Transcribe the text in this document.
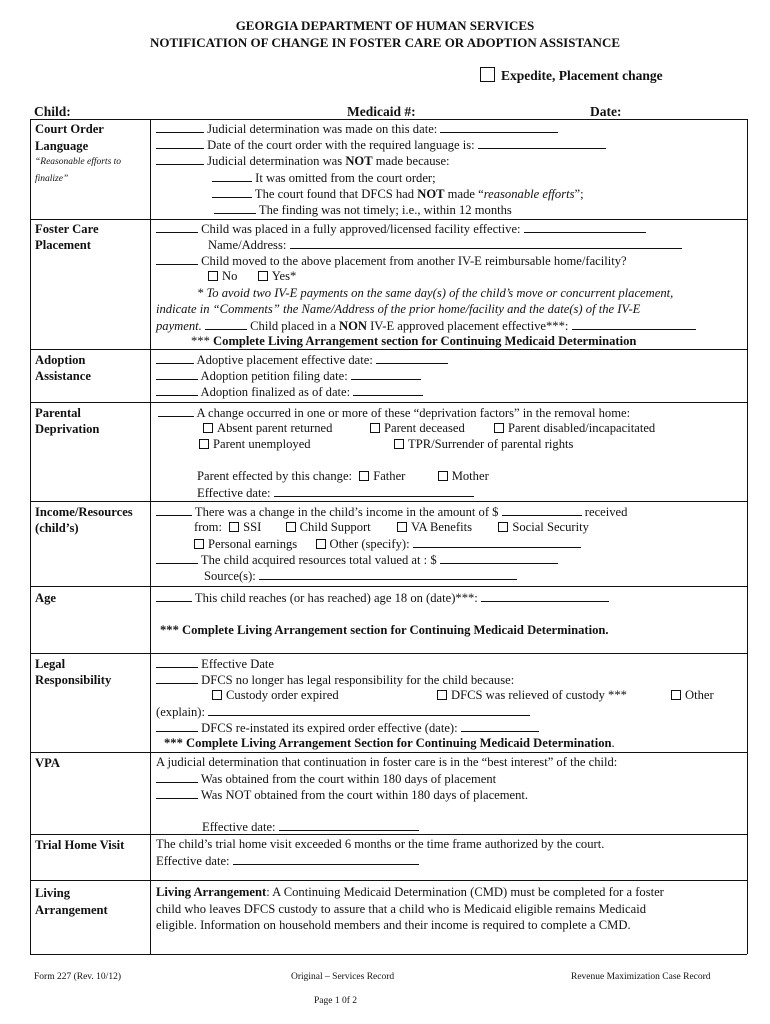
GEORGIA DEPARTMENT OF HUMAN SERVICES
NOTIFICATION OF CHANGE IN FOSTER CARE OR ADOPTION ASSISTANCE
Expedite, Placement change
Child:	Medicaid #:	Date:
Court Order
Language
“Reasonable efforts to
finalize”
Judicial determination was made on this date:
Date of the court order with the required language is:
Judicial determination was NOT made because:
It was omitted from the court order;
The court found that DFCS had NOT made “reasonable efforts”;
The finding was not timely; i.e., within 12 months
Foster Care
Placement
Child was placed in a fully approved/licensed facility effective:
Name/Address:
Child moved to the above placement from another IV-E reimbursable home/facility?
No	Yes*
* To avoid two IV-E payments on the same day(s) of the child’s move or concurrent placement,
indicate in “Comments” the Name/Address of the prior home/facility and the date(s) of the IV-E
payment.	Child placed in a NON IV-E approved placement effective***:
*** Complete Living Arrangement section for Continuing Medicaid Determination
Adoption
Assistance
Adoptive placement effective date:
Adoption petition filing date:
Adoption finalized as of date:
Parental
Deprivation
A change occurred in one or more of these “deprivation factors” in the removal home:
Absent parent returned	Parent deceased	Parent disabled/incapacitated
Parent unemployed	TPR/Surrender of parental rights
Parent effected by this change: Father	Mother
Effective date:
Income/Resources
(child’s)
There was a change in the child’s income in the amount of $	received
from: SSI	Child Support	VA Benefits	Social Security
Personal earnings	Other (specify):
The child acquired resources total valued at : $
Source(s):
Age	This child reaches (or has reached) age 18 on (date)***:
*** Complete Living Arrangement section for Continuing Medicaid Determination.
Legal
Responsibility
Effective Date
DFCS no longer has legal responsibility for the child because:
Custody order expired	DFCS was relieved of custody ***	Other
(explain):
DFCS re-instated its expired order effective (date):
*** Complete Living Arrangement Section for Continuing Medicaid Determination.
VPA	A judicial determination that continuation in foster care is in the “best interest” of the child:
Was obtained from the court within 180 days of placement
Was NOT obtained from the court within 180 days of placement.
Effective date:
Trial Home Visit	The child’s trial home visit exceeded 6 months or the time frame authorized by the court.
Effective date:
Living
Arrangement
Living Arrangement: A Continuing Medicaid Determination (CMD) must be completed for a foster
child who leaves DFCS custody to assure that a child who is Medicaid eligible remains Medicaid
eligible. Information on household members and their income is required to complete a CMD.
Form 227 (Rev. 10/12)	Original – Services Record	Revenue Maximization Case Record
Page 1 0f 2
